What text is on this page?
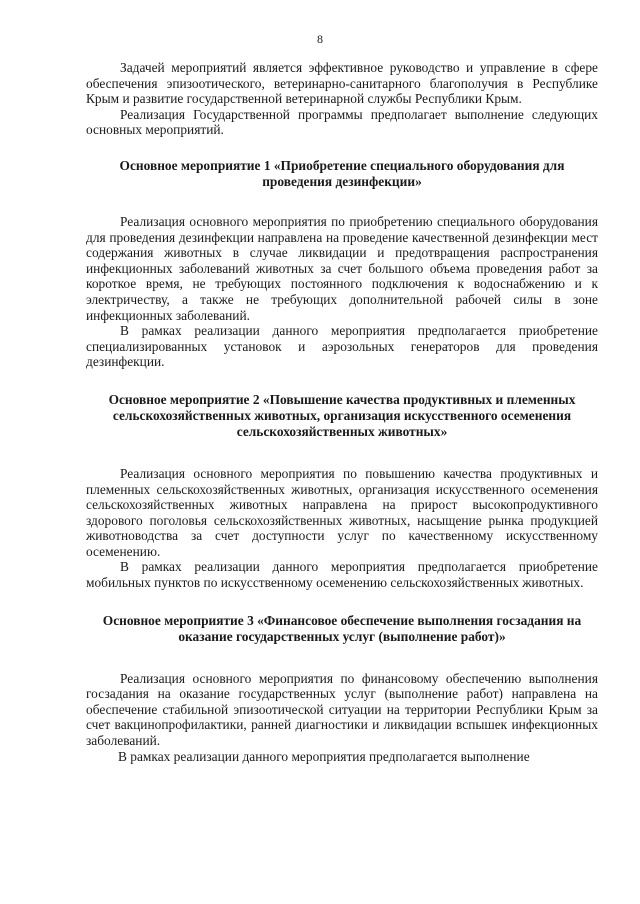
8

Задачей мероприятий является эффективное руководство и управление в сфере обеспечения эпизоотического, ветеринарно-санитарного благополучия в Республике Крым и развитие государственной ветеринарной службы Республики Крым.

Реализация Государственной программы предполагает выполнение следующих основных мероприятий.

Основное мероприятие 1 «Приобретение специального оборудования для проведения дезинфекции»

Реализация основного мероприятия по приобретению специального оборудования для проведения дезинфекции направлена на проведение качественной дезинфекции мест содержания животных в случае ликвидации и предотвращения распространения инфекционных заболеваний животных за счет большого объема проведения работ за короткое время, не требующих постоянного подключения к водоснабжению и к электричеству, а также не требующих дополнительной рабочей силы в зоне инфекционных заболеваний.

В рамках реализации данного мероприятия предполагается приобретение специализированных установок и аэрозольных генераторов для проведения дезинфекции.

Основное мероприятие 2 «Повышение качества продуктивных и племенных сельскохозяйственных животных, организация искусственного осеменения сельскохозяйственных животных»

Реализация основного мероприятия по повышению качества продуктивных и племенных сельскохозяйственных животных, организация искусственного осеменения сельскохозяйственных животных направлена на прирост высокопродуктивного здорового поголовья сельскохозяйственных животных, насыщение рынка продукцией животноводства за счет доступности услуг по качественному искусственному осеменению.

В рамках реализации данного мероприятия предполагается приобретение мобильных пунктов по искусственному осеменению сельскохозяйственных животных.

Основное мероприятие 3 «Финансовое обеспечение выполнения госзадания на оказание государственных услуг (выполнение работ)»

Реализация основного мероприятия по финансовому обеспечению выполнения госзадания на оказание государственных услуг (выполнение работ) направлена на обеспечение стабильной эпизоотической ситуации на территории Республики Крым за счет вакцинопрофилактики, ранней диагностики и ликвидации вспышек инфекционных заболеваний.

В рамках реализации данного мероприятия предполагается выполнение
